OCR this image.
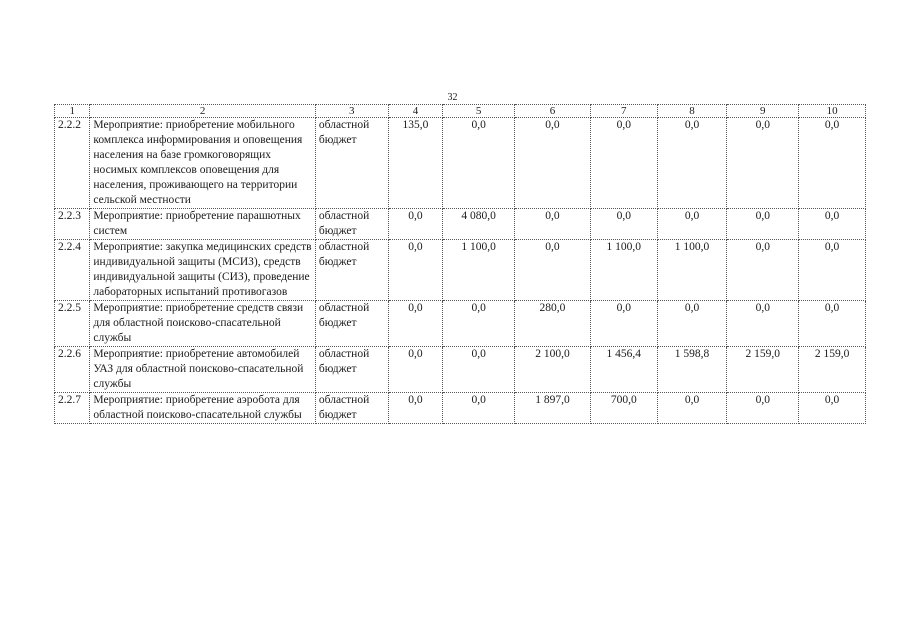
32
1	2	3	4	5	6	7	8	9	10
2.2.2	Мероприятие: приобретение мобильного комплекса информирования и оповещения населения на базе громкоговорящих носимых комплексов оповещения для населения, проживающего на территории сельской местности	областной бюджет	135,0	0,0	0,0	0,0	0,0	0,0	0,0
2.2.3	Мероприятие: приобретение парашютных систем	областной бюджет	0,0	4 080,0	0,0	0,0	0,0	0,0	0,0
2.2.4	Мероприятие: закупка медицинских средств индивидуальной защиты (МСИЗ), средств индивидуальной защиты (СИЗ), проведение лабораторных испытаний противогазов	областной бюджет	0,0	1 100,0	0,0	1 100,0	1 100,0	0,0	0,0
2.2.5	Мероприятие: приобретение средств связи для областной поисково-спасательной службы	областной бюджет	0,0	0,0	280,0	0,0	0,0	0,0	0,0
2.2.6	Мероприятие: приобретение автомобилей УАЗ для областной поисково-спасательной службы	областной бюджет	0,0	0,0	2 100,0	1 456,4	1 598,8	2 159,0	2 159,0
2.2.7	Мероприятие: приобретение аэробота для областной поисково-спасательной службы	областной бюджет	0,0	0,0	1 897,0	700,0	0,0	0,0	0,0
